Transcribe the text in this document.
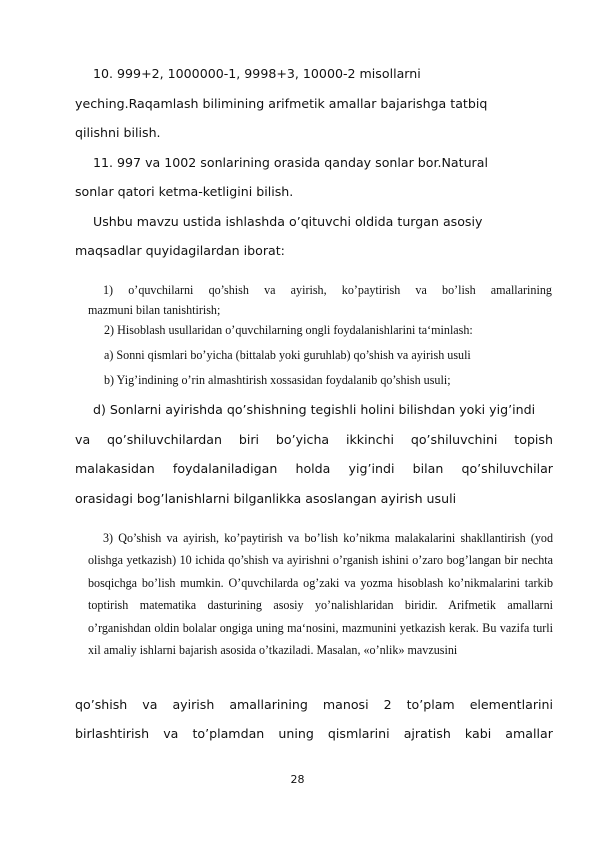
10. 999+2, 1000000-1, 9998+3, 10000-2 misollarni
yeching.Raqamlash bilimining arifmetik amallar bajarishga tatbiq
qilishni bilish.
11. 997 va 1002 sonlarining orasida qanday sonlar bor.Natural
sonlar qatori ketma-ketligini bilish.
Ushbu mavzu ustida ishlashda o’qituvchi oldida turgan asosiy
maqsadlar quyidagilardan iborat:
1) o’quvchilarni qo’shish va ayirish, ko’paytirish va bo’lish amallarining
mazmuni bilan tanishtirish;
2) Hisoblash usullaridan o’quvchilarning ongli foydalanishlarini ta‘minlash:
a) Sonni qismlari bo’yicha (bittalab yoki guruhlab) qo’shish va ayirish usuli
b) Yig’indining o’rin almashtirish xossasidan foydalanib qo’shish usuli;
d) Sonlarni ayirishda qo’shishning tegishli holini bilishdan yoki yig’indi
va qo’shiluvchilardan biri bo’yicha ikkinchi qo’shiluvchini topish
malakasidan foydalaniladigan holda yig’indi bilan qo’shiluvchilar
orasidagi bog’lanishlarni bilganlikka asoslangan ayirish usuli
3) Qo’shish va ayirish, ko’paytirish va bo’lish ko’nikma malakalarini shakllantirish (yod olishga yetkazish) 10 ichida qo’shish va ayirishni o’rganish ishini o’zaro bog’langan bir nechta bosqichga bo’lish mumkin. O’quvchilarda og’zaki va yozma hisoblash ko’nikmalarini tarkib toptirish matematika dasturining asosiy yo’nalishlaridan biridir. Arifmetik amallarni o’rganishdan oldin bolalar ongiga uning ma‘nosini, mazmunini yetkazish kerak. Bu vazifa turli xil amaliy ishlarni bajarish asosida o’tkaziladi. Masalan, «o’nlik» mavzusini
qo’shish va ayirish amallarining manosi 2 to’plam elementlarini
birlashtirish va to’plamdan uning qismlarini ajratish kabi amallar
28
